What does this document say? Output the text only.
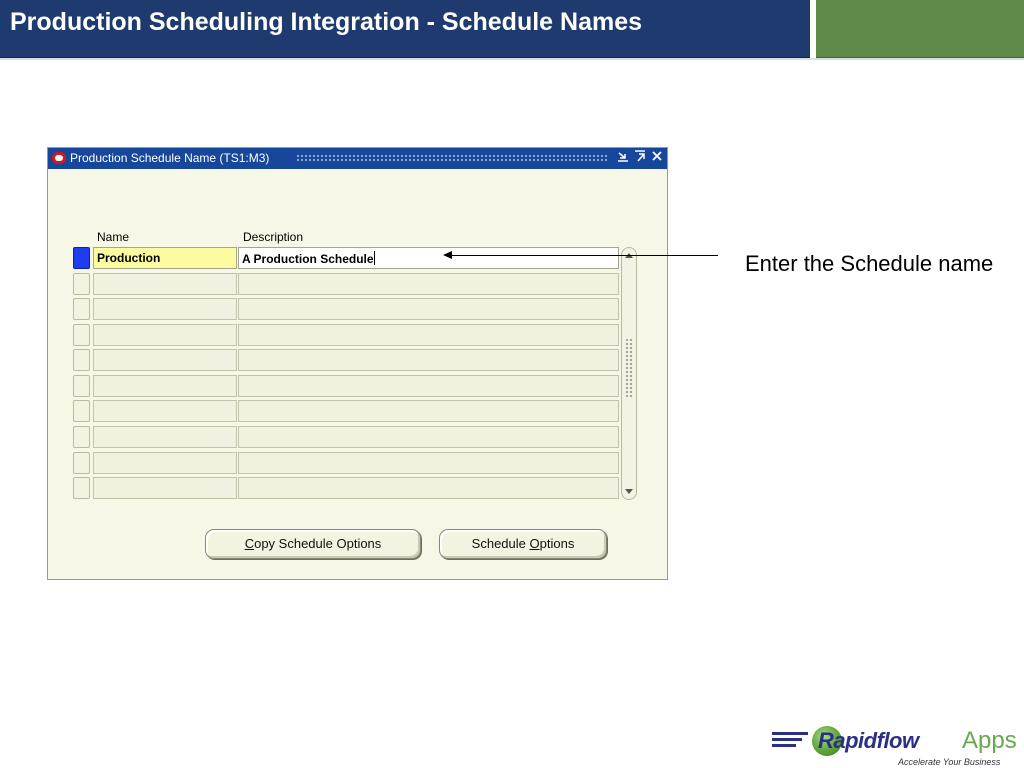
Production Scheduling Integration - Schedule Names
Production Schedule Name (TS1:M3)
Name	Description
Production	A Production Schedule
Copy Schedule Options	Schedule Options
Enter the Schedule name
Rapidflow Apps
Accelerate Your Business
